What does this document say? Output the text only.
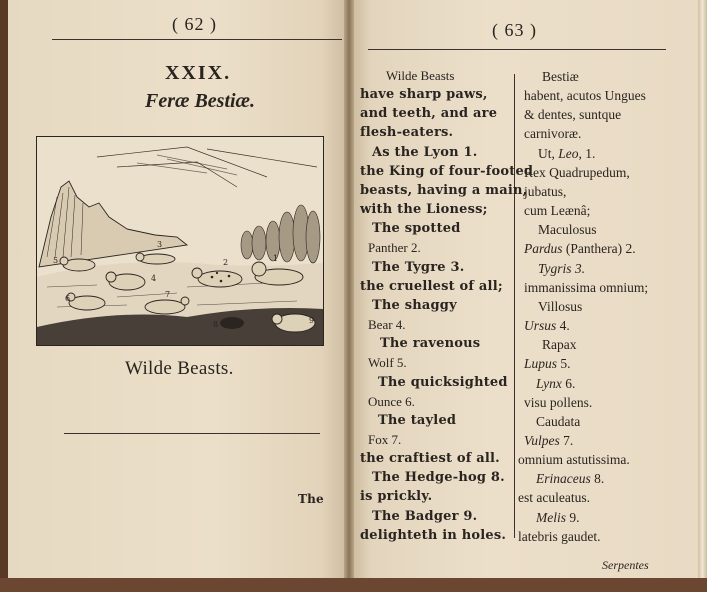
( 62 )
XXIX.
Feræ Bestiæ.
1
2
3
4
5
6	7
8	9
Wilde Beasts.
The
( 63 )
Wilde Beasts
have sharp paws,
and teeth, and are
flesh-eaters.
As the Lyon 1.
the King of four-footed
beasts, having a main,
with the Lioness;
The spotted
Panther 2.
The Tygre 3.
the cruellest of all;
The shaggy
Bear 4.
The ravenous
Wolf 5.
The quicksighted
Ounce 6.
The tayled
Fox 7.
the craftiest of all.
The Hedge-hog 8.
is prickly.
The Badger 9.
delighteth in holes.
Bestiæ
habent, acutos Ungues
& dentes, suntque
carnivoræ.
Ut, Leo, 1.
Rex Quadrupedum,
jubatus,
cum Leænâ;
Maculosus
Pardus (Panthera) 2.
Tygris 3.
immanissima omnium;
Villosus
Ursus 4.
Rapax
Lupus 5.
Lynx 6.
visu pollens.
Caudata
Vulpes 7.
omnium astutissima.
Erinaceus 8.
est aculeatus.
Melis 9.
latebris gaudet.
Serpentes
